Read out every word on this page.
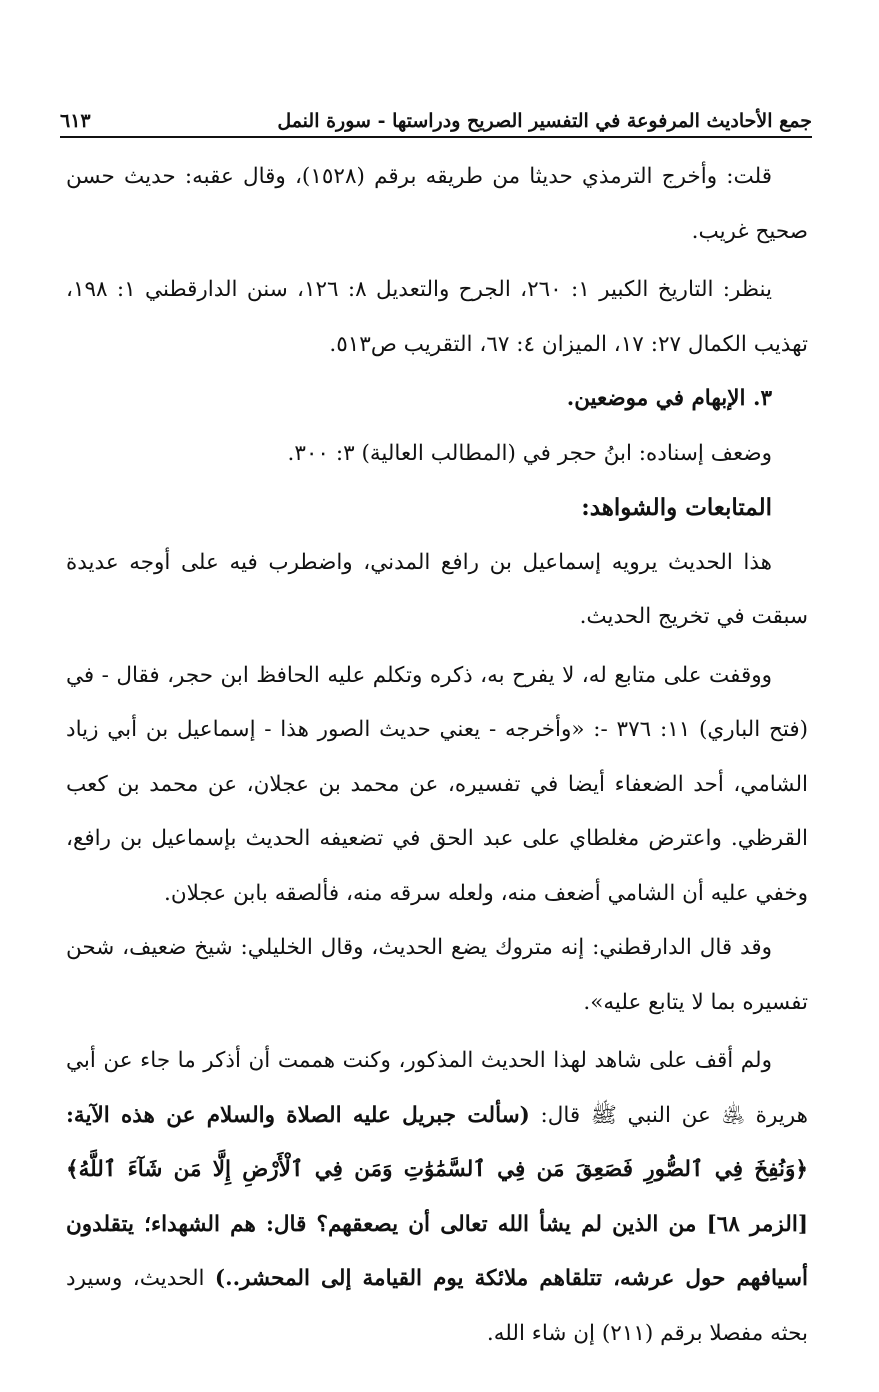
جمع الأحاديث المرفوعة في التفسير الصريح ودراستها - سورة النمل
٦١٣

قلت: وأخرج الترمذي حديثا من طريقه برقم (١٥٢٨)، وقال عقبه: حديث حسن صحيح غريب.

ينظر: التاريخ الكبير ١: ٢٦٠، الجرح والتعديل ٨: ١٢٦، سنن الدارقطني ١: ١٩٨، تهذيب الكمال ٢٧: ١٧، الميزان ٤: ٦٧، التقريب ص٥١٣.

٣. الإبهام في موضعين.

وضعف إسناده: ابنُ حجر في (المطالب العالية) ٣: ٣٠٠.

المتابعات والشواهد:

هذا الحديث يرويه إسماعيل بن رافع المدني، واضطرب فيه على أوجه عديدة سبقت في تخريج الحديث.

ووقفت على متابع له، لا يفرح به، ذكره وتكلم عليه الحافظ ابن حجر، فقال - في (فتح الباري) ١١: ٣٧٦ -: «وأخرجه - يعني حديث الصور هذا - إسماعيل بن أبي زياد الشامي، أحد الضعفاء أيضا في تفسيره، عن محمد بن عجلان، عن محمد بن كعب القرظي. واعترض مغلطاي على عبد الحق في تضعيفه الحديث بإسماعيل بن رافع، وخفي عليه أن الشامي أضعف منه، ولعله سرقه منه، فألصقه بابن عجلان.

وقد قال الدارقطني: إنه متروك يضع الحديث، وقال الخليلي: شيخ ضعيف، شحن تفسيره بما لا يتابع عليه».

ولم أقف على شاهد لهذا الحديث المذكور، وكنت هممت أن أذكر ما جاء عن أبي هريرة ﵁ عن النبي ﷺ قال: (سألت جبريل عليه الصلاة والسلام عن هذه الآية: ﴿وَنُفِخَ فِي ٱلصُّورِ فَصَعِقَ مَن فِي ٱلسَّمَٰوَٰتِ وَمَن فِي ٱلْأَرْضِ إِلَّا مَن شَآءَ ٱللَّهُ﴾ [الزمر ٦٨] من الذين لم يشأ الله تعالى أن يصعقهم؟ قال: هم الشهداء؛ يتقلدون أسيافهم حول عرشه، تتلقاهم ملائكة يوم القيامة إلى المحشر..) الحديث، وسيرد بحثه مفصلا برقم (٢١١) إن شاء الله.
